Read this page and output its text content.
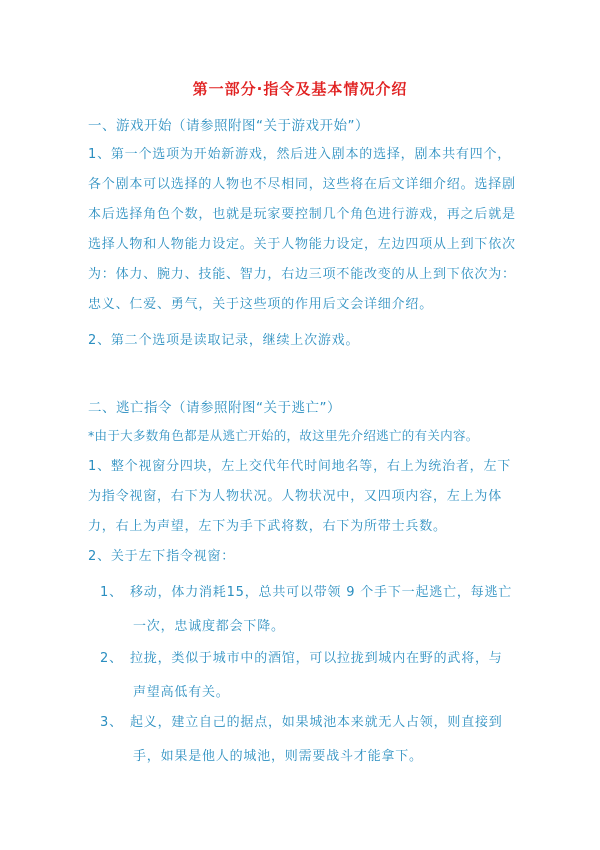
第一部分·指令及基本情况介绍
一、游戏开始（请参照附图“关于游戏开始”）
1、第一个选项为开始新游戏，然后进入剧本的选择，剧本共有四个，各个剧本可以选择的人物也不尽相同，这些将在后文详细介绍。选择剧本后选择角色个数，也就是玩家要控制几个角色进行游戏，再之后就是选择人物和人物能力设定。关于人物能力设定，左边四项从上到下依次为：体力、腕力、技能、智力，右边三项不能改变的从上到下依次为：忠义、仁爱、勇气，关于这些项的作用后文会详细介绍。
2、第二个选项是读取记录，继续上次游戏。
二、逃亡指令（请参照附图“关于逃亡”）
*由于大多数角色都是从逃亡开始的，故这里先介绍逃亡的有关内容。
1、整个视窗分四块，左上交代年代时间地名等，右上为统治者，左下为指令视窗，右下为人物状况。人物状况中，又四项内容，左上为体力，右上为声望，左下为手下武将数，右下为所带士兵数。
2、关于左下指令视窗：
1、 移动，体力消耗15，总共可以带领 9 个手下一起逃亡，每逃亡
一次，忠诚度都会下降。
2、 拉拢，类似于城市中的酒馆，可以拉拢到城内在野的武将，与
声望高低有关。
3、 起义，建立自己的据点，如果城池本来就无人占领，则直接到
手，如果是他人的城池，则需要战斗才能拿下。
